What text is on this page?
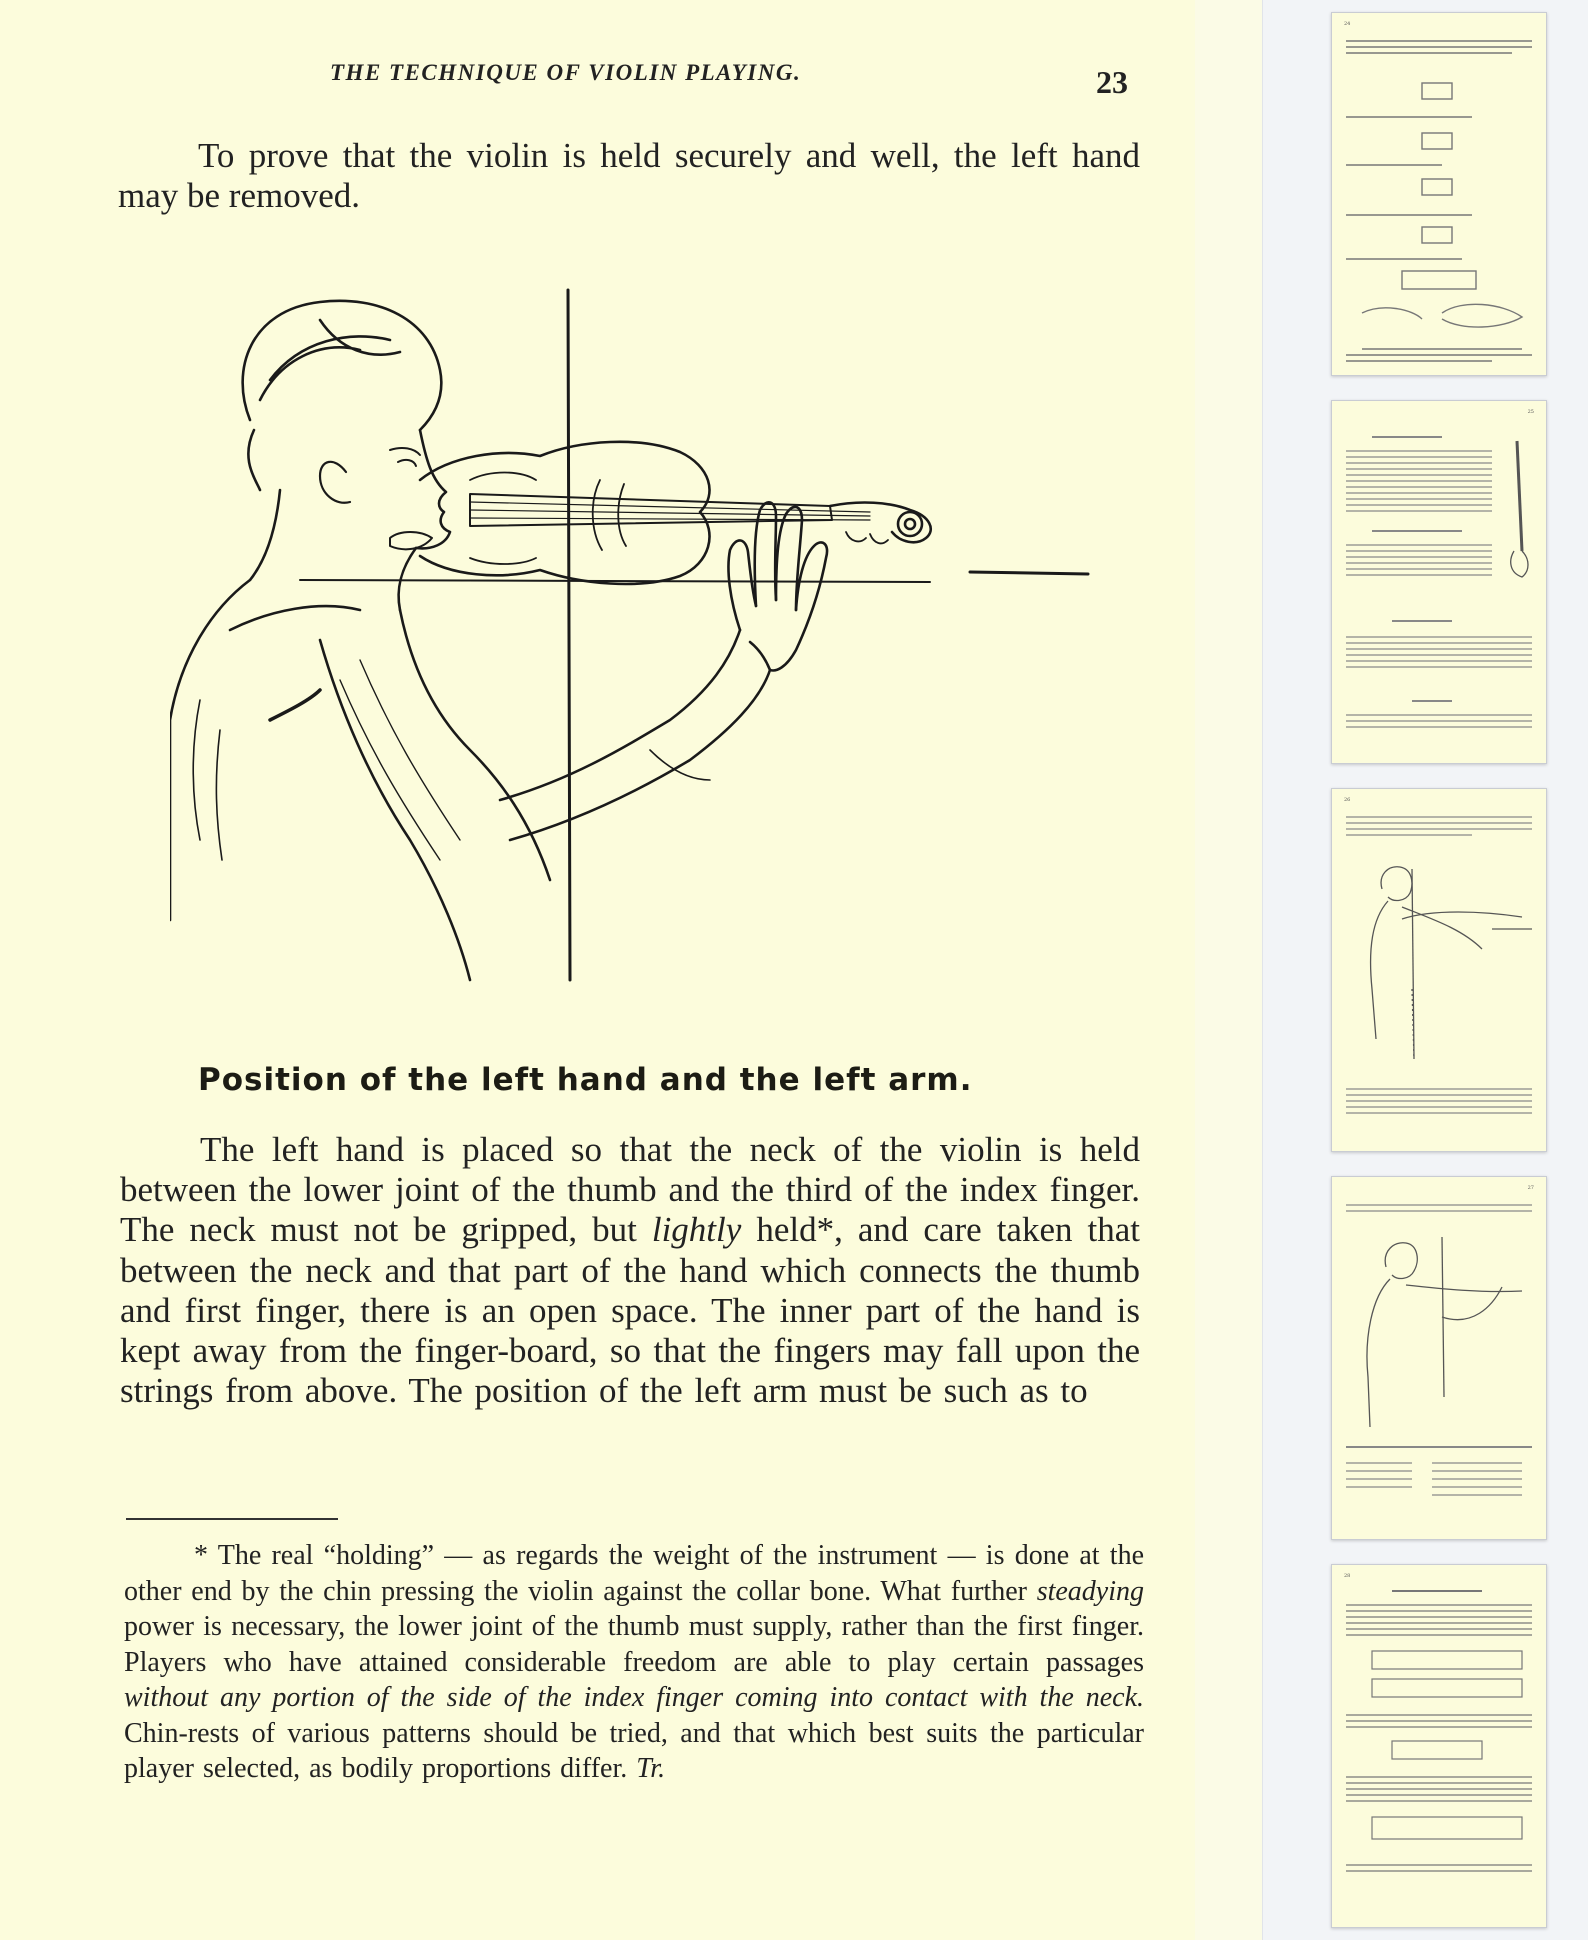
THE TECHNIQUE OF VIOLIN PLAYING.	23

To prove that the violin is held securely and well, the left hand may be removed.

Position of the left hand and the left arm.

The left hand is placed so that the neck of the violin is held between the lower joint of the thumb and the third of the index finger. The neck must not be gripped, but lightly held*, and care taken that between the neck and that part of the hand which connects the thumb and first finger, there is an open space. The inner part of the hand is kept away from the finger-board, so that the fingers may fall upon the strings from above. The position of the left arm must be such as to

* The real “holding” — as regards the weight of the instrument — is done at the other end by the chin pressing the violin against the collar bone. What further steadying power is necessary, the lower joint of the thumb must supply, rather than the first finger. Players who have attained considerable freedom are able to play certain passages without any portion of the side of the index finger coming into contact with the neck. Chin-rests of various patterns should be tried, and that which best suits the particular player selected, as bodily proportions differ. Tr.

24
25
26
27
28
